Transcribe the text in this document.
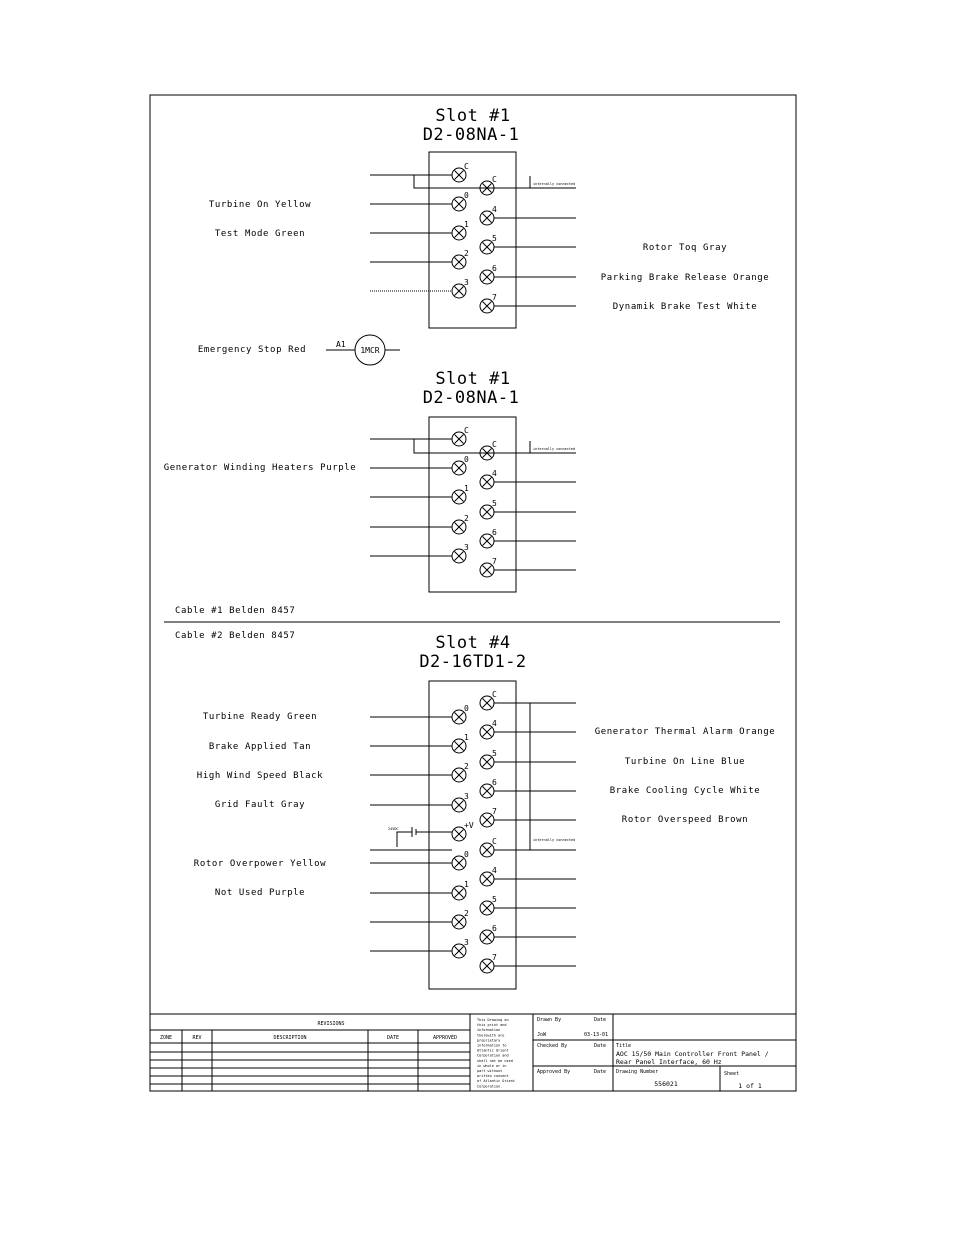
Slot #1
D2-08NA-1
C
0
1
2
3
C
4
5
6
7
internally connected
Turbine On Yellow
Test Mode Green
Rotor Toq Gray
Parking Brake Release Orange
Dynamik Brake Test White
Emergency Stop Red
A1
1MCR
Slot #1
D2-08NA-1
C
0
1
2
3
C
4
5
6
7
internally connected
Generator Winding Heaters Purple
Cable #1 Belden 8457
Cable #2 Belden 8457	Slot #4
D2-16TD1-2
0
1
2
3
+V
0
1
2
3
C
4
5
6
7
C
4
5
6
7
internally connected
24VDC
Turbine Ready Green
Brake Applied Tan
High Wind Speed Black
Grid Fault Gray
Rotor Overpower Yellow
Not Used Purple
Generator Thermal Alarm Orange
Turbine On Line Blue
Brake Cooling Cycle White
Rotor Overspeed Brown
REVISIONS
ZONE	REV	DESCRIPTION	DATE	APPROVED
This Drawing on
this print and
information
therewith are
proprietary
information to
Atlantic Orient
Corporation and
shall not be used
in whole or in
part without
written consent
of Atlantic Orient
Corporation.
Drawn By	Date
JoW	03-13-01
Checked By	Date
Approved By	Date
Title
AOC 15/50 Main Controller Front Panel /
Rear Panel Interface, 60 Hz
Drawing Number
556021
Sheet
1 of 1
